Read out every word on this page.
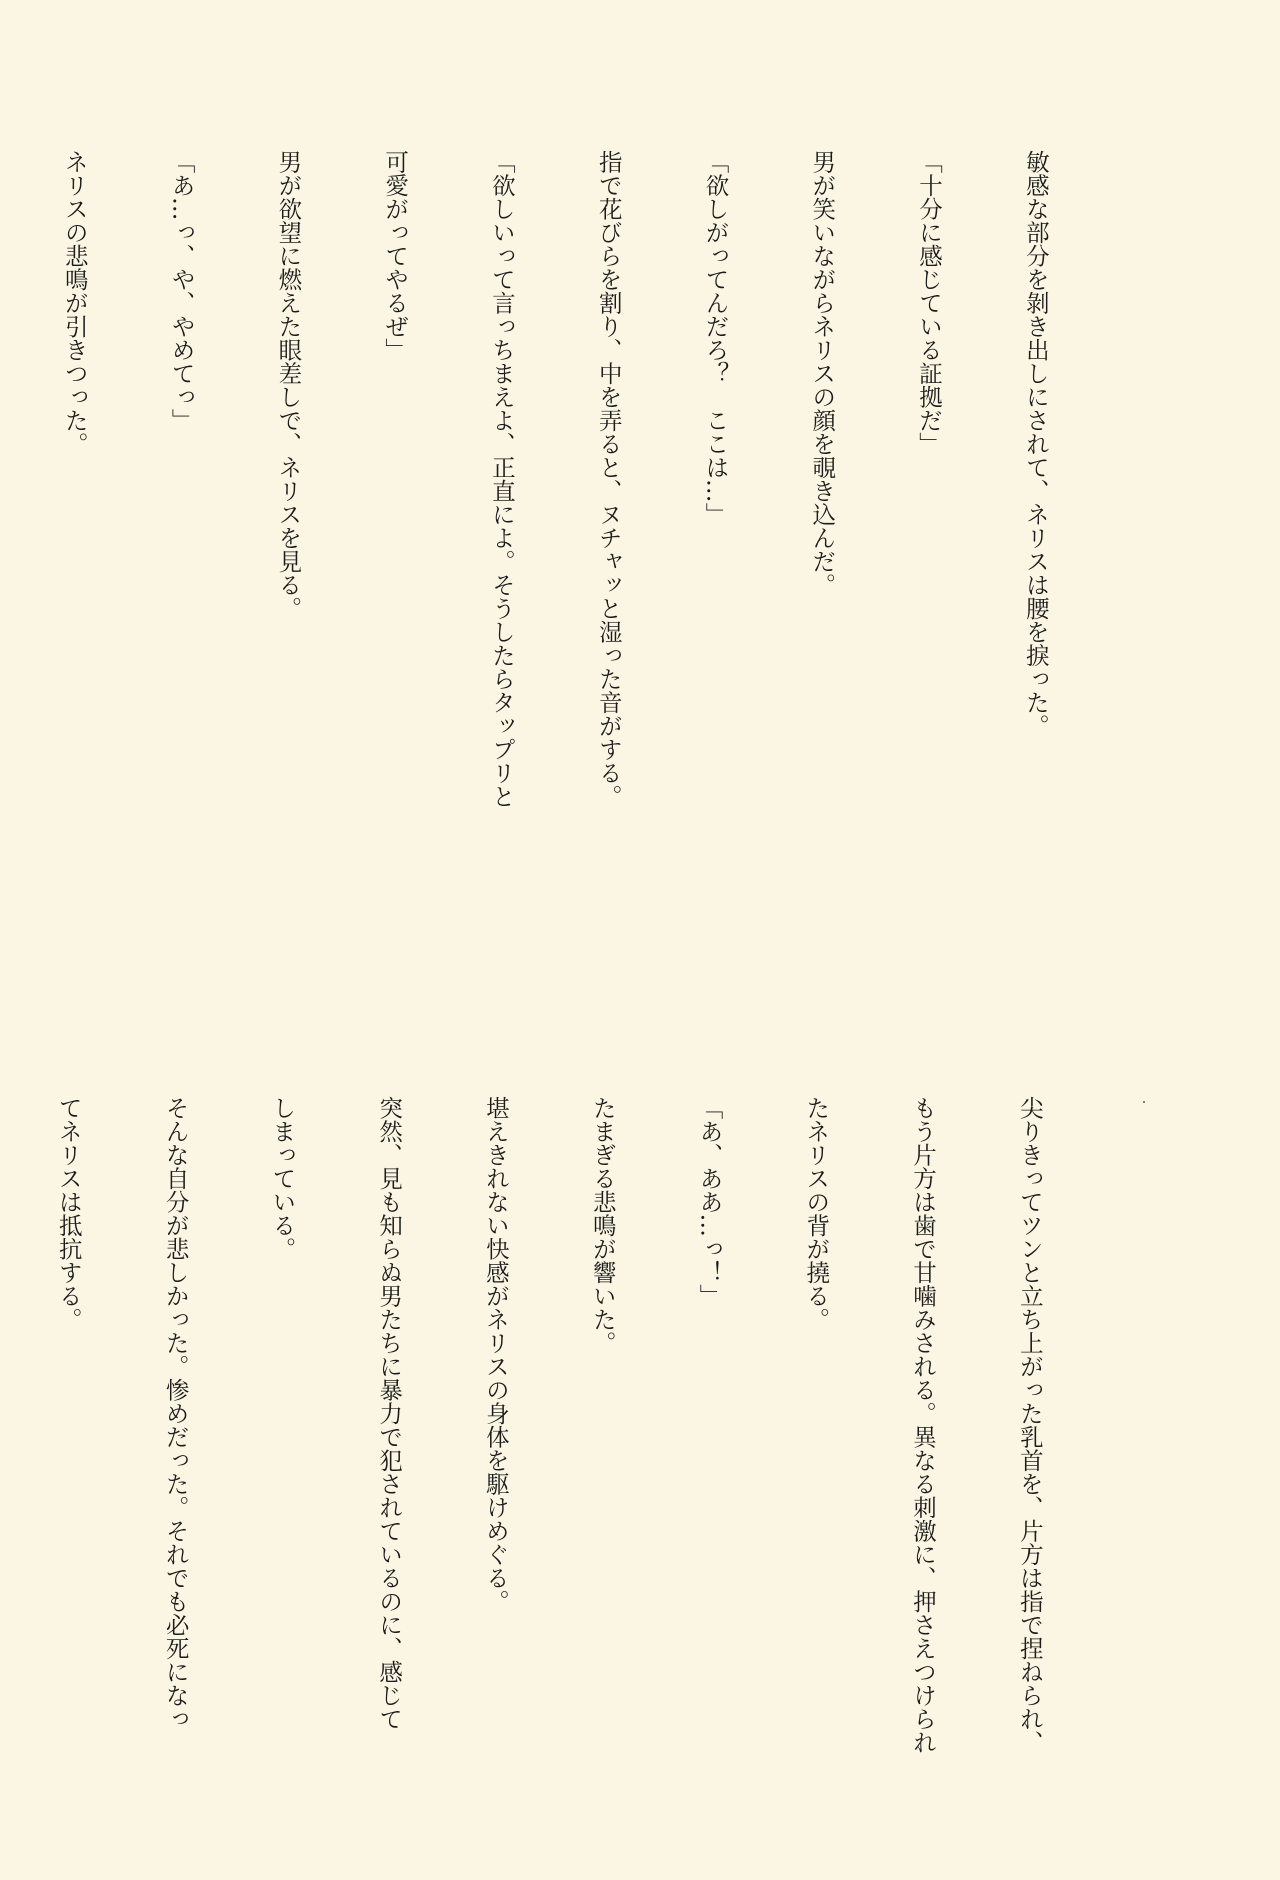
敏感な部分を剝き出しにされて、ネリスは腰を捩った。

「十分に感じている証拠だ」

男が笑いながらネリスの顔を覗き込んだ。

「欲しがってんだろ？　ここは…」

指で花びらを割り、中を弄ると、ヌチャッと湿った音がする。

「欲しいって言っちまえよ、正直によ。そうしたらタップリと

可愛がってやるぜ」

男が欲望に燃えた眼差しで、ネリスを見る。

「あ…っ、や、やめてっ」

ネリスの悲鳴が引きつった。

尖りきってツンと立ち上がった乳首を、片方は指で捏ねられ、

もう片方は歯で甘噛みされる。異なる刺激に、押さえつけられ

たネリスの背が撓る。

「あ、ああ…っ！」

たまぎる悲鳴が響いた。

堪えきれない快感がネリスの身体を駆けめぐる。

突然、見も知らぬ男たちに暴力で犯されているのに、感じて

しまっている。

そんな自分が悲しかった。惨めだった。それでも必死になっ

てネリスは抵抗する。
